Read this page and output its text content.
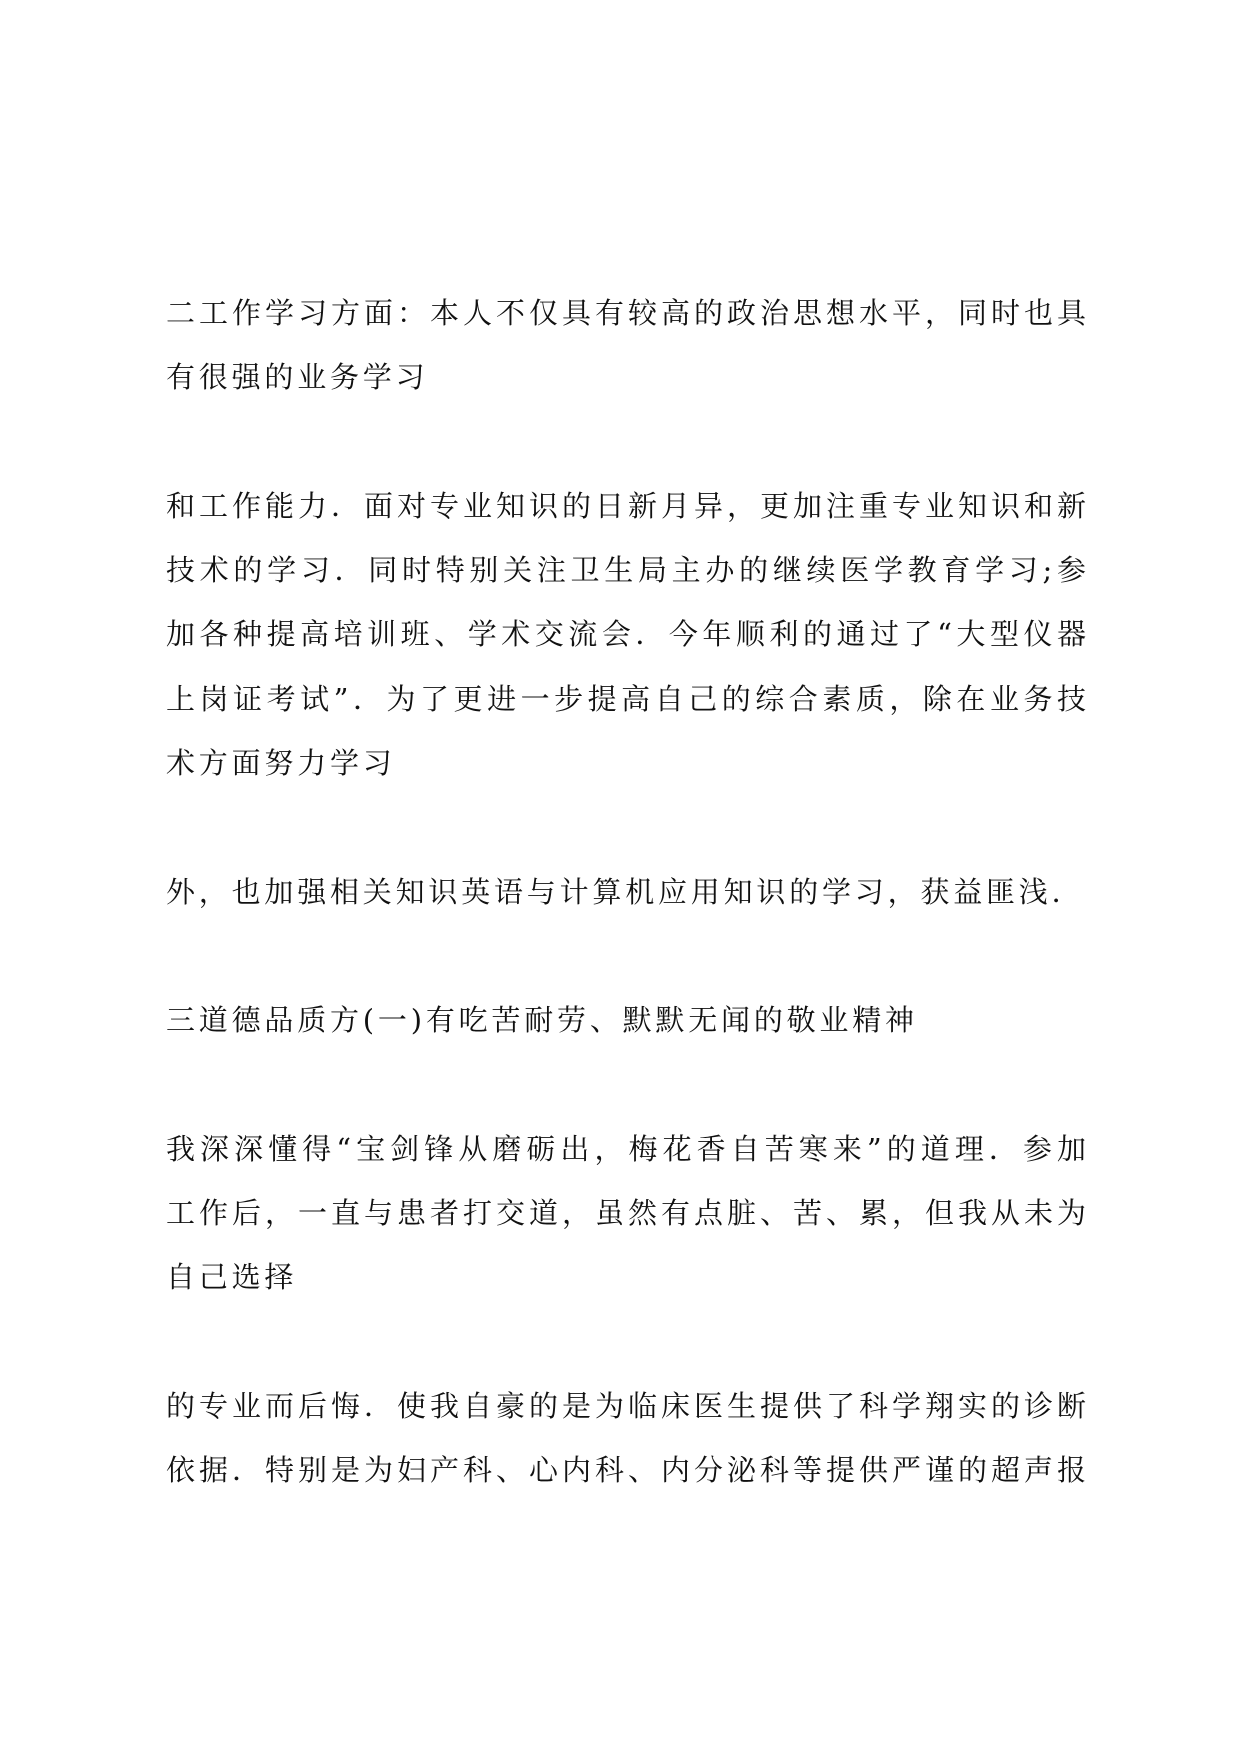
二工作学习方面：本人不仅具有较高的政治思想水平，同时也具
有很强的业务学习
和工作能力．面对专业知识的日新月异，更加注重专业知识和新
技术的学习．同时特别关注卫生局主办的继续医学教育学习;参
加各种提高培训班、学术交流会．今年顺利的通过了“大型仪器
上岗证考试”．为了更进一步提高自己的综合素质，除在业务技
术方面努力学习
外，也加强相关知识英语与计算机应用知识的学习，获益匪浅．
三道德品质方(一)有吃苦耐劳、默默无闻的敬业精神
我深深懂得“宝剑锋从磨砺出，梅花香自苦寒来”的道理．参加
工作后，一直与患者打交道，虽然有点脏、苦、累，但我从未为
自己选择
的专业而后悔．使我自豪的是为临床医生提供了科学翔实的诊断
依据．特别是为妇产科、心内科、内分泌科等提供严谨的超声报
